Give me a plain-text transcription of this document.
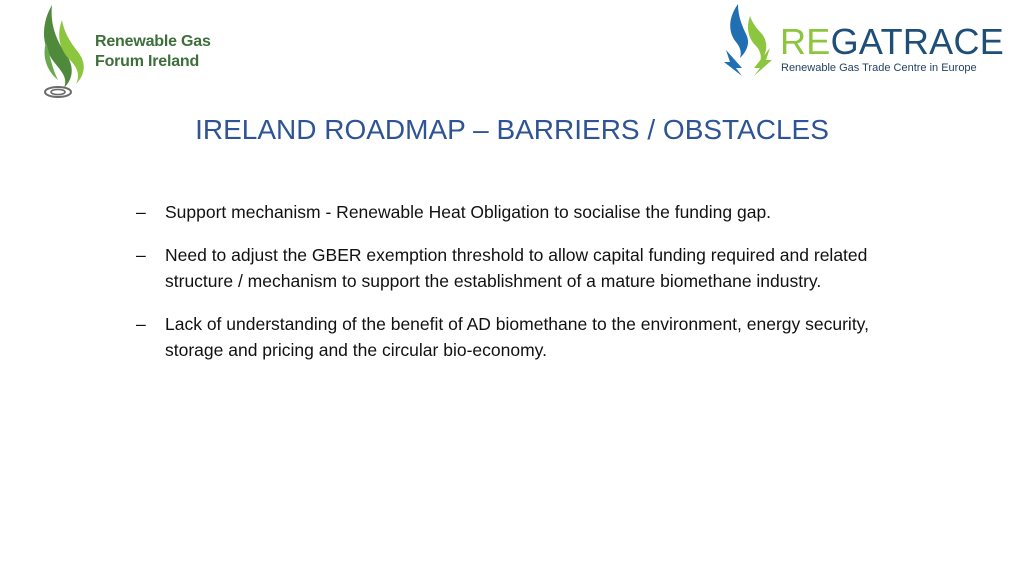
Renewable Gas
Forum Ireland	REGATRACE
Renewable Gas Trade Centre in Europe
IRELAND ROADMAP – BARRIERS / OBSTACLES
– Support mechanism - Renewable Heat Obligation to socialise the funding gap.
– Need to adjust the GBER exemption threshold to allow capital funding required and related structure / mechanism to support the establishment of a mature biomethane industry.
– Lack of understanding of the benefit of AD biomethane to the environment, energy security, storage and pricing and the circular bio-economy.
